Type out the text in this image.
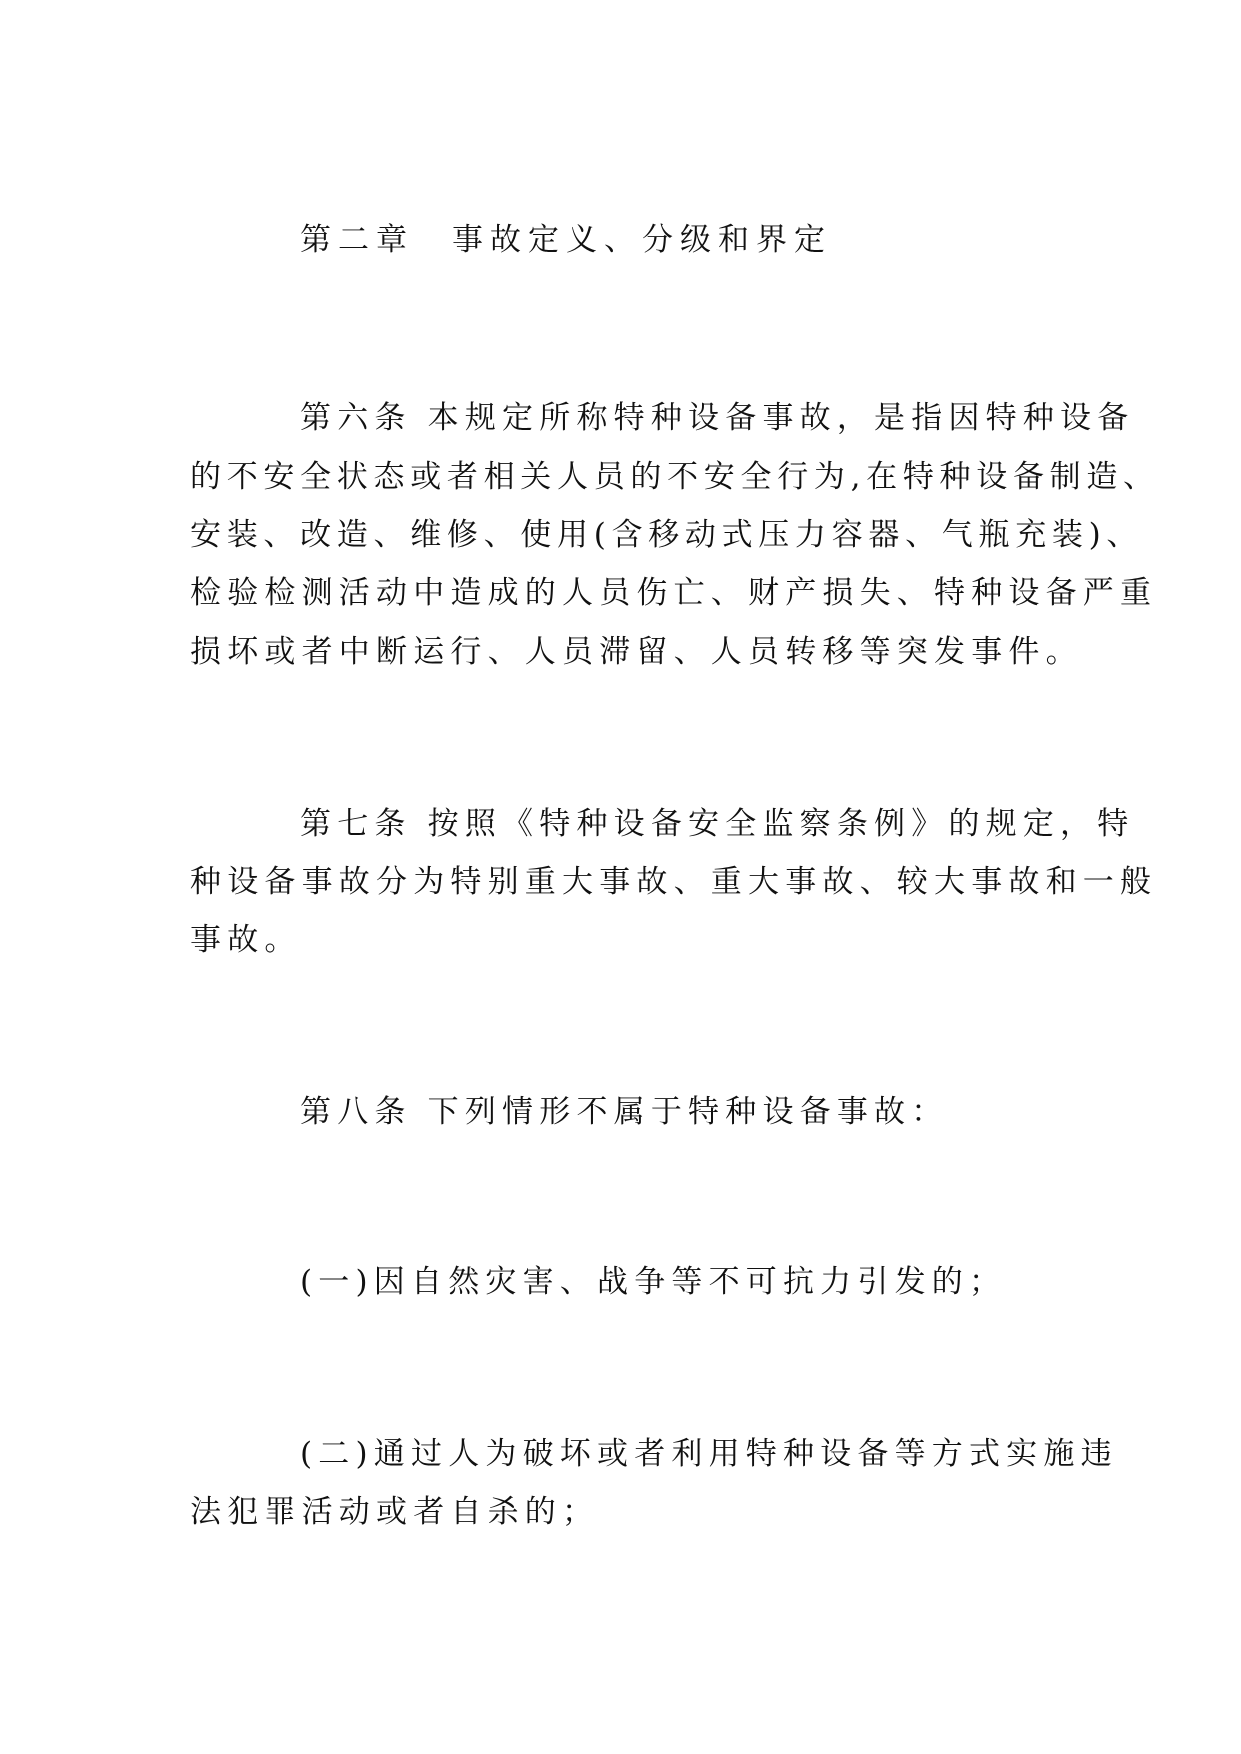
第二章　事故定义、分级和界定
第六条 本规定所称特种设备事故，是指因特种设备
的不安全状态或者相关人员的不安全行为,在特种设备制造、
安装、改造、维修、使用(含移动式压力容器、气瓶充装)、
检验检测活动中造成的人员伤亡、财产损失、特种设备严重
损坏或者中断运行、人员滞留、人员转移等突发事件。
第七条 按照《特种设备安全监察条例》的规定，特
种设备事故分为特别重大事故、重大事故、较大事故和一般
事故。
第八条 下列情形不属于特种设备事故：
(一)因自然灾害、战争等不可抗力引发的；
(二)通过人为破坏或者利用特种设备等方式实施违
法犯罪活动或者自杀的；
